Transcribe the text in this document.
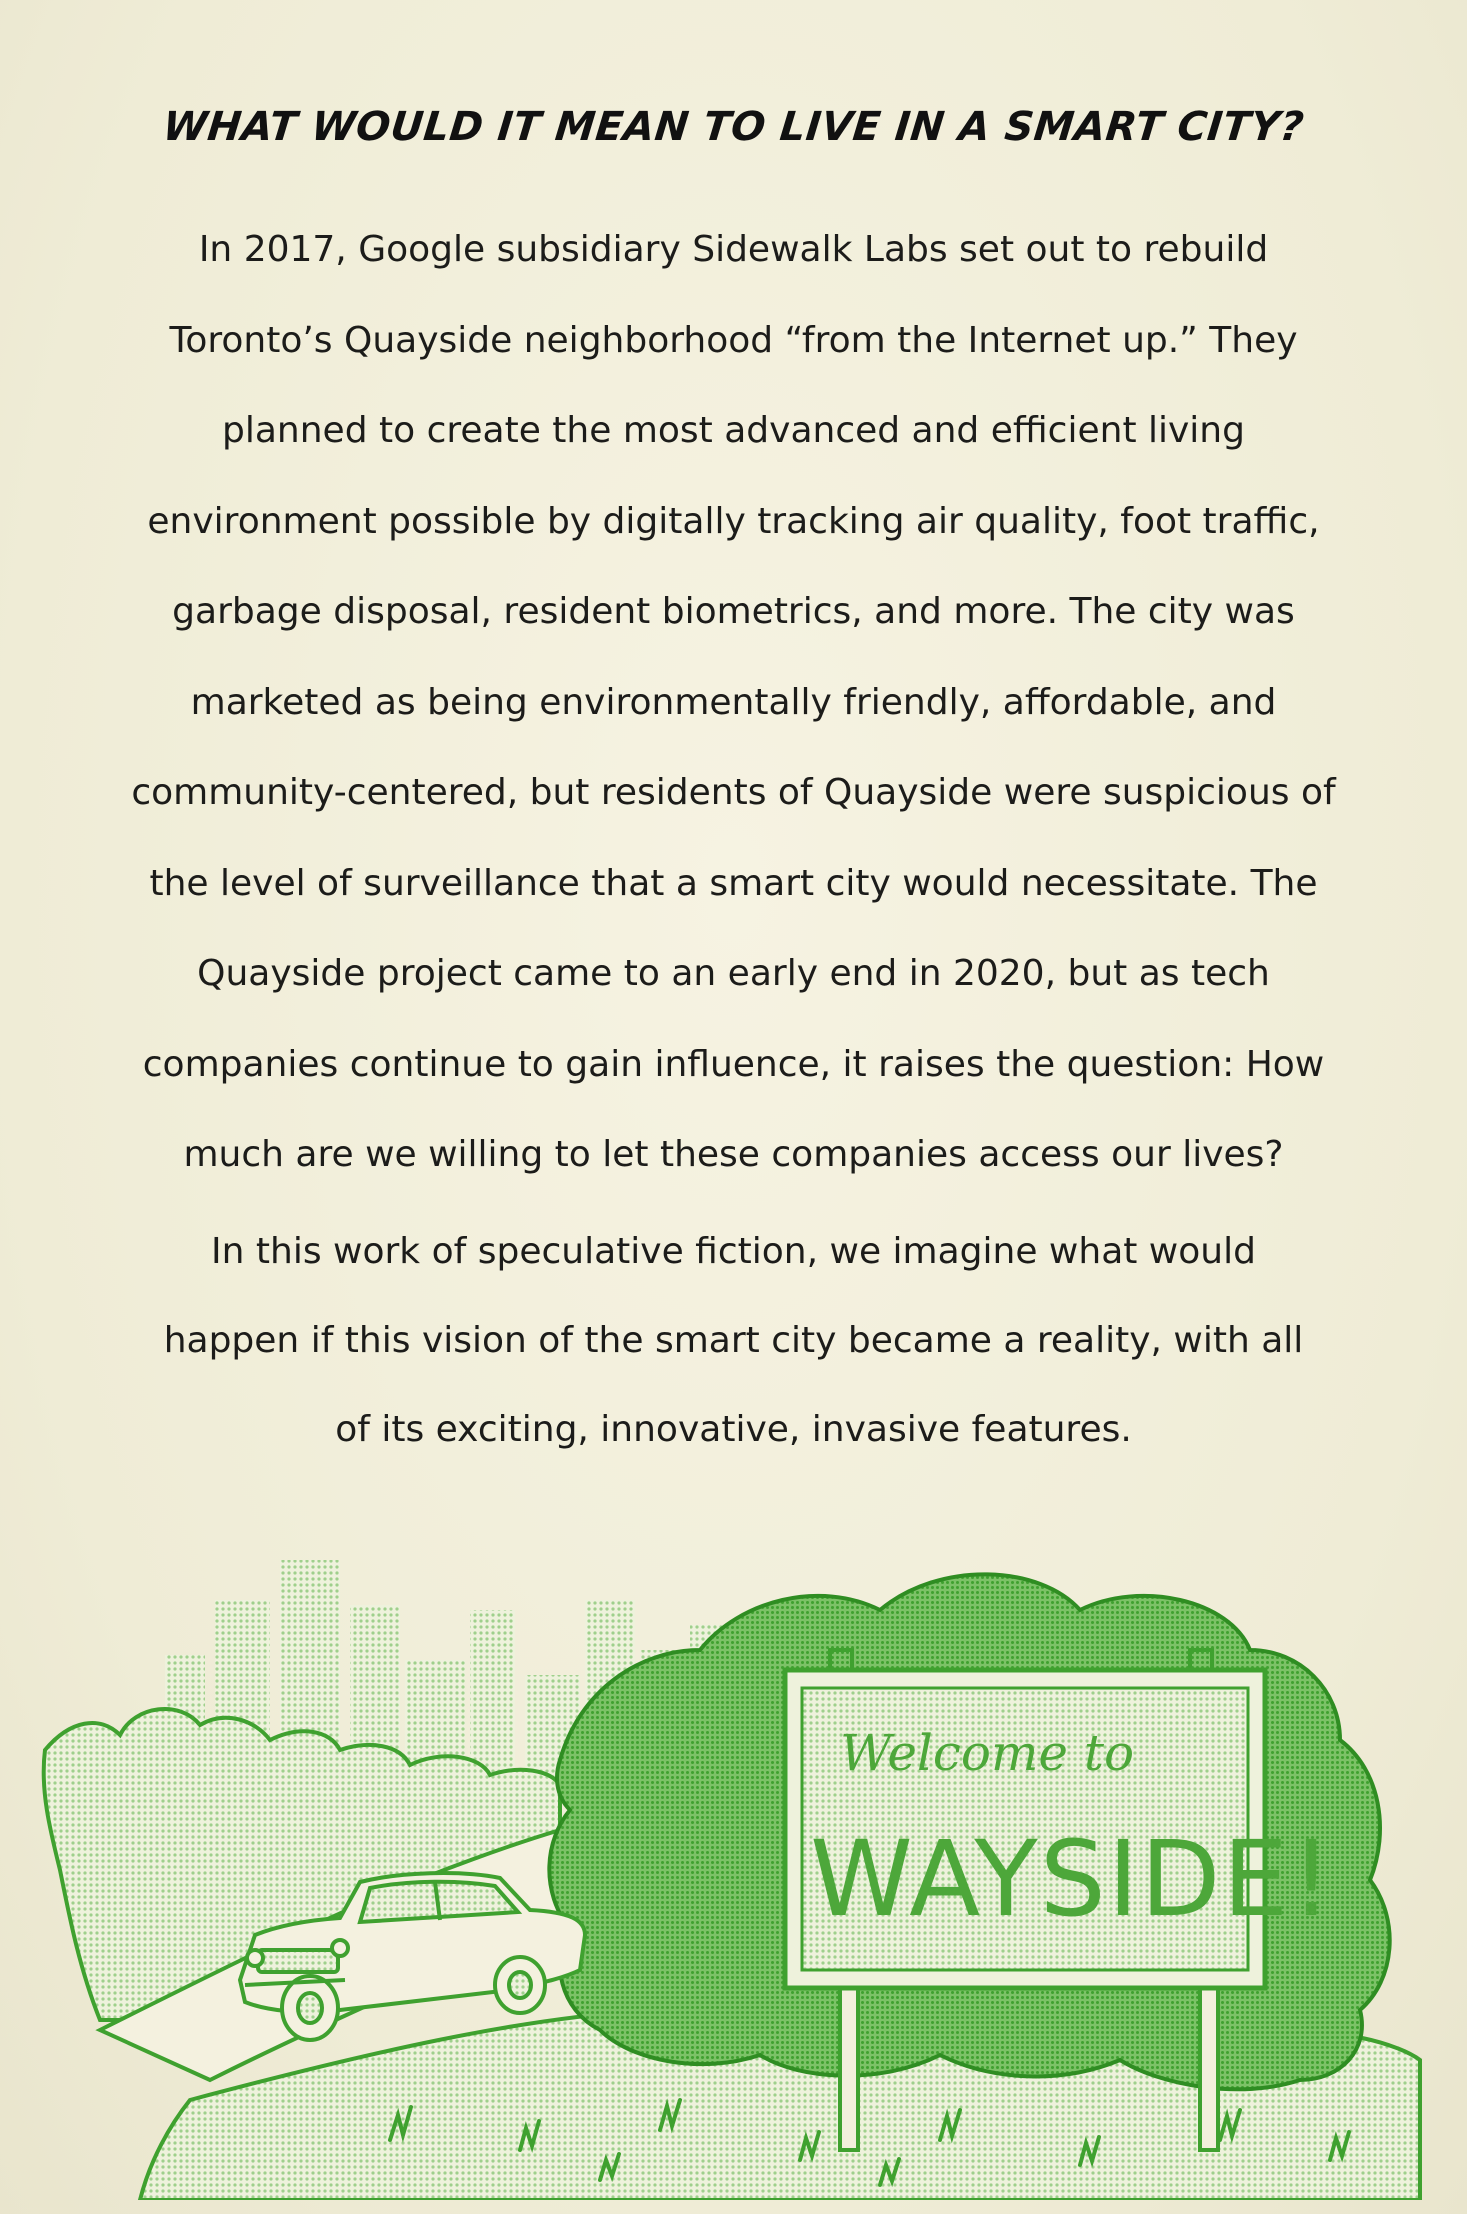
WHAT WOULD IT MEAN TO LIVE IN A SMART CITY?

In 2017, Google subsidiary Sidewalk Labs set out to rebuild
Toronto’s Quayside neighborhood “from the Internet up.” They
planned to create the most advanced and efficient living
environment possible by digitally tracking air quality, foot traffic,
garbage disposal, resident biometrics, and more. The city was
marketed as being environmentally friendly, affordable, and
community-centered, but residents of Quayside were suspicious of
the level of surveillance that a smart city would necessitate. The
Quayside project came to an early end in 2020, but as tech
companies continue to gain influence, it raises the question: How
much are we willing to let these companies access our lives?

In this work of speculative fiction, we imagine what would
happen if this vision of the smart city became a reality, with all
of its exciting, innovative, invasive features.

Welcome to
WAYSIDE!
